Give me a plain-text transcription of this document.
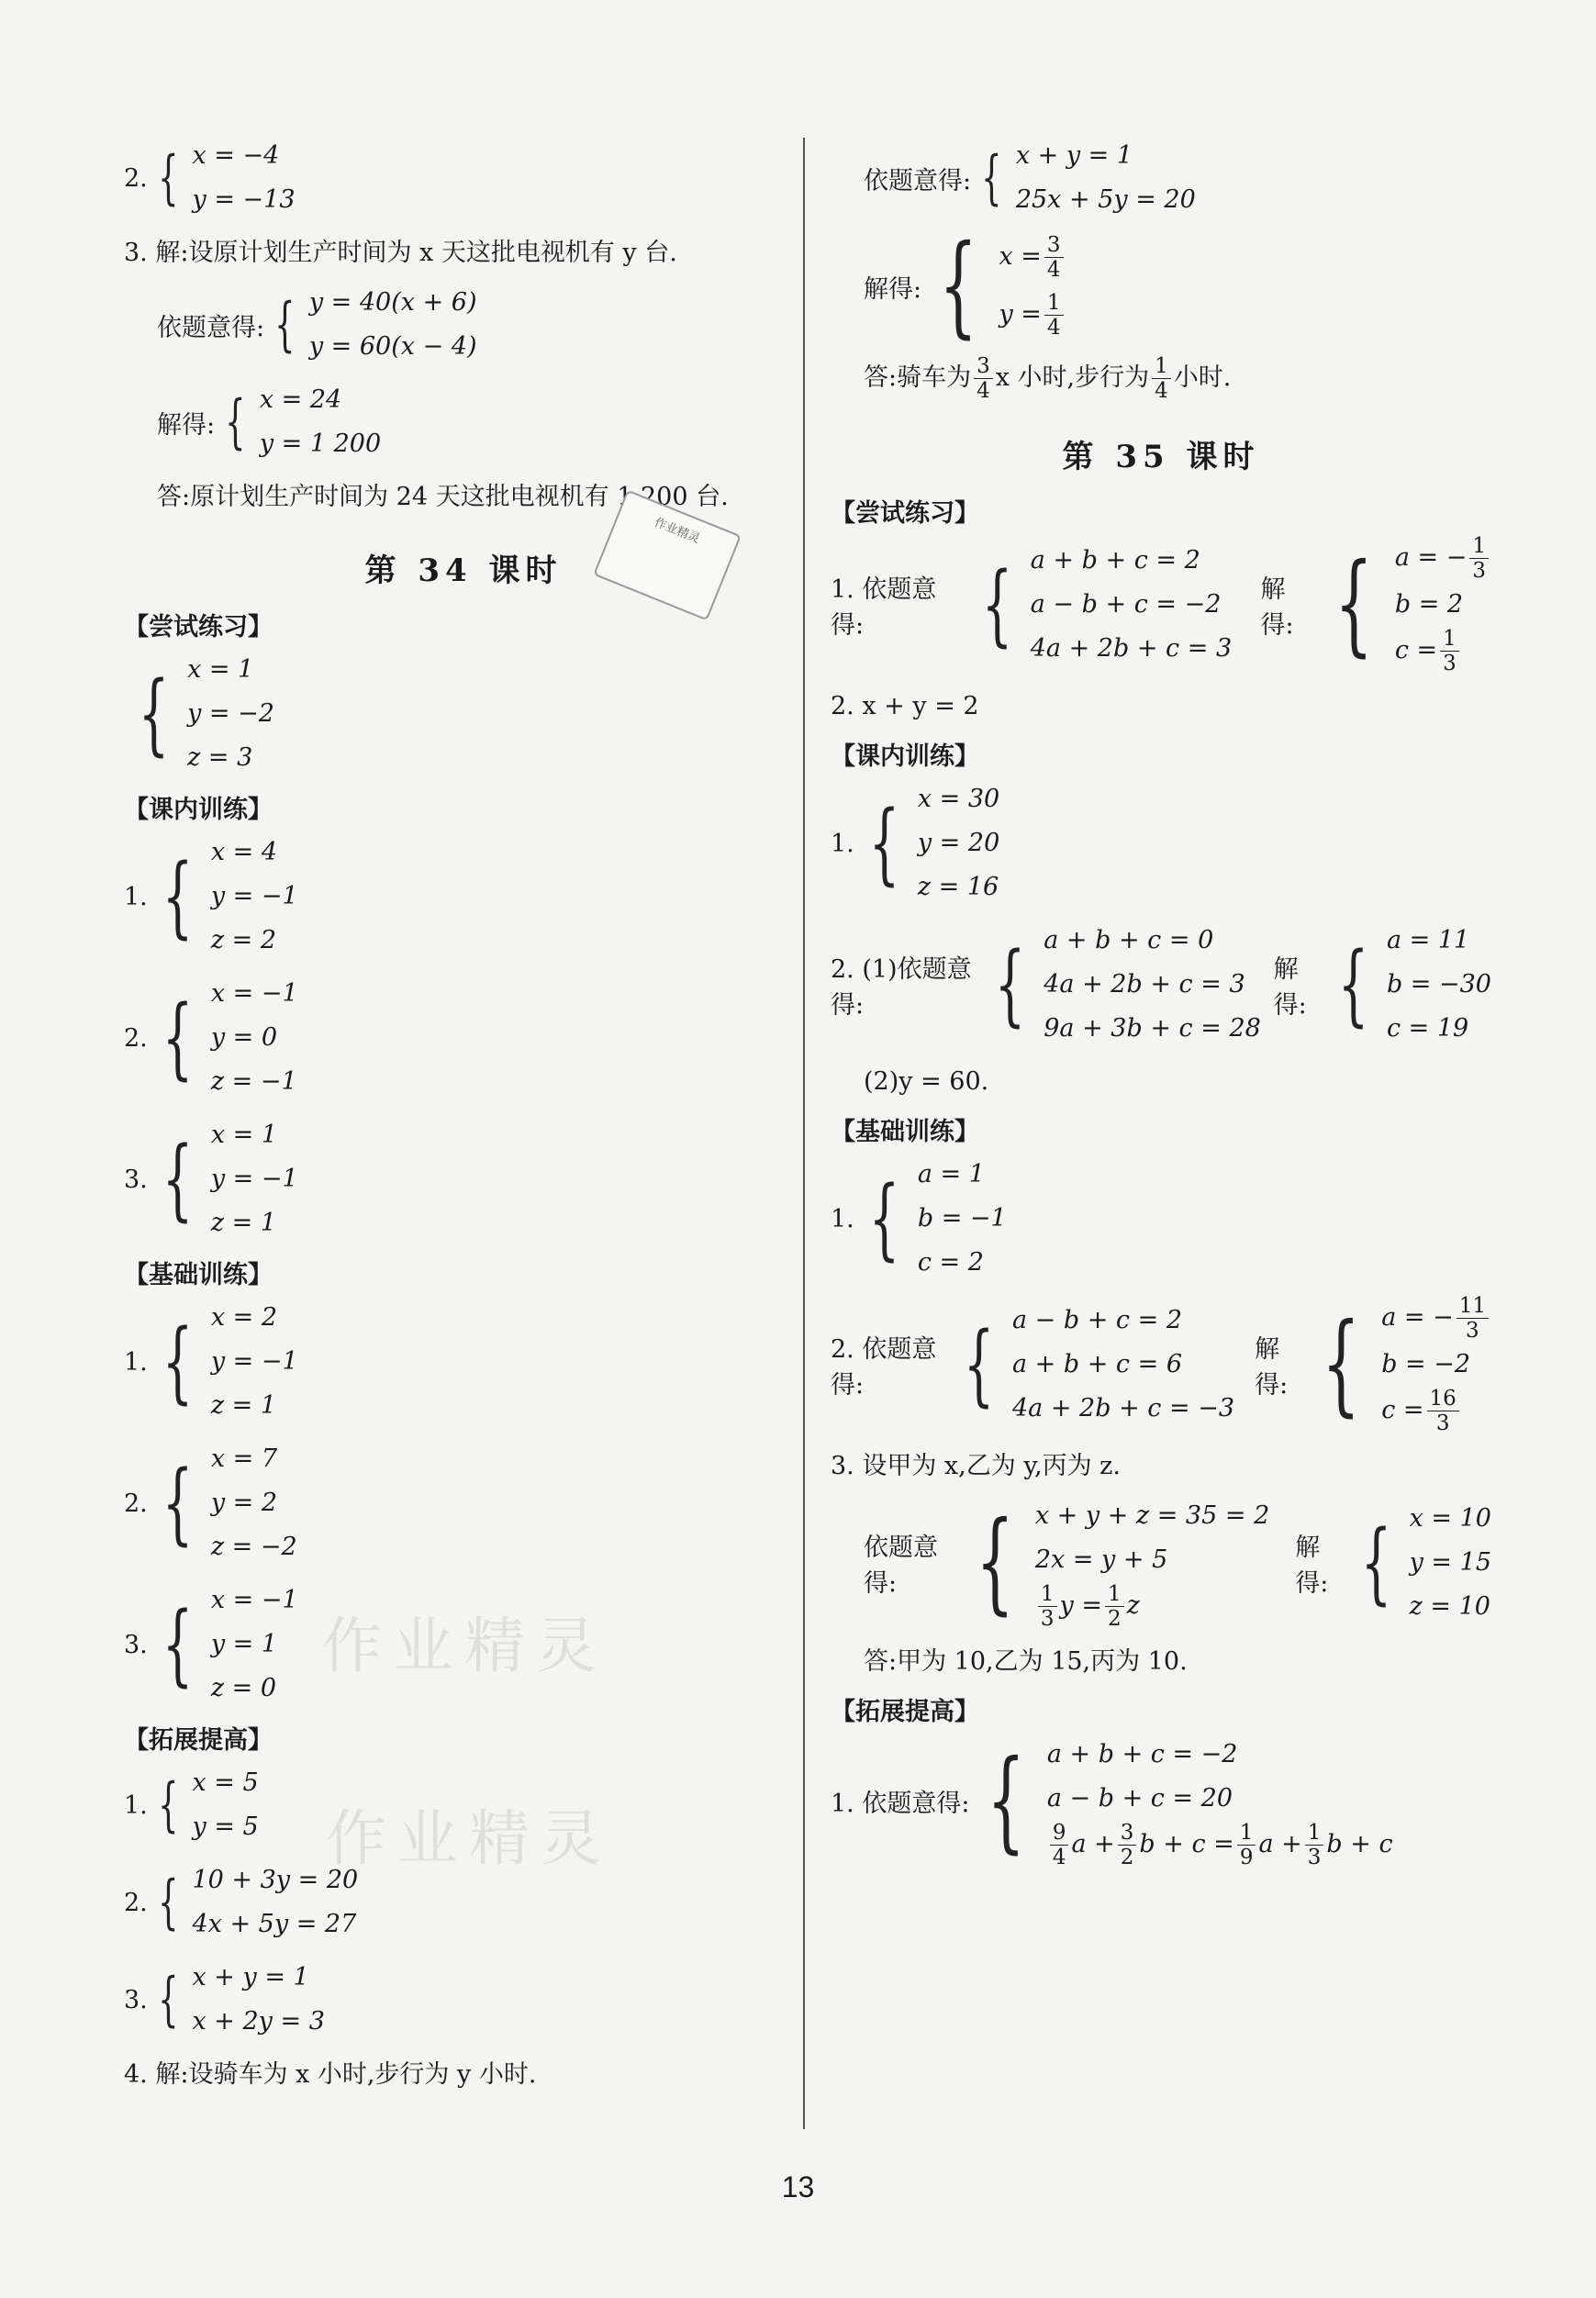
2. { x = −4
y = −13
3. 解:设原计划生产时间为 x 天这批电视机有 y 台.
依题意得: { y = 40(x + 6)
y = 60(x − 4)
解得: { x = 24
y = 1 200
答:原计划生产时间为 24 天这批电视机有 1 200 台.
第 34 课时
【尝试练习】
{ x = 1
y = −2
z = 3
【课内训练】
1. { x = 4
y = −1
z = 2
2. { x = −1
y = 0
z = −1
3. { x = 1
y = −1
z = 1
【基础训练】
1. { x = 2
y = −1
z = 1
2. { x = 7
y = 2
z = −2
3. { x = −1
y = 1
z = 0
【拓展提高】
1. { x = 5
y = 5
2. { 10 + 3y = 20
4x + 5y = 27
3. { x + y = 1
x + 2y = 3
4. 解:设骑车为 x 小时,步行为 y 小时.
依题意得: { x + y = 1
25x + 5y = 20
解得: { $x = \frac{3}{4}$
$y = \frac{1}{4}$
答:骑车为 $\frac{3}{4}$ x 小时,步行为 $\frac{1}{4}$ 小时.
第 35 课时
【尝试练习】
1. 依题意得:	{ a + b + c = 2
a − b + c = −2
4a + 2b + c = 3
解得: { a = − $\frac{1}{3}$
b = 2
$c = \frac{1}{3}$
2. x + y = 2
【课内训练】
1. { x = 30
y = 20
z = 16
2. (1)依题意得:	{ a + b + c = 0
4a + 2b + c = 3
9a + 3b + c = 28
解得: { a = 11
b = −30
c = 19
(2)y = 60.
【基础训练】
1. { a = 1
b = −1
c = 2
2. 依题意得:	{ a − b + c = 2
a + b + c = 6
4a + 2b + c = −3
解得: { a = − $\frac{11}{3}$
b = −2
$c = \frac{16}{3}$
3. 设甲为 x,乙为 y,丙为 z.
依题意得: { x + y + z = 35 = 2
2x = y + 5
$\frac{1}{3}$ $y = \frac{1}{2}$ z
解得: { x = 10
y = 15
z = 10
答:甲为 10,乙为 15,丙为 10.
【拓展提高】
1. 依题意得: { a + b + c = −2
a − b + c = 20
$\frac{9}{4}$ $a + \frac{3}{2}$ $b + c = \frac{1}{9}$ $a + \frac{1}{3}$ b + c
作业精灵
作业精灵
作业精灵
13
